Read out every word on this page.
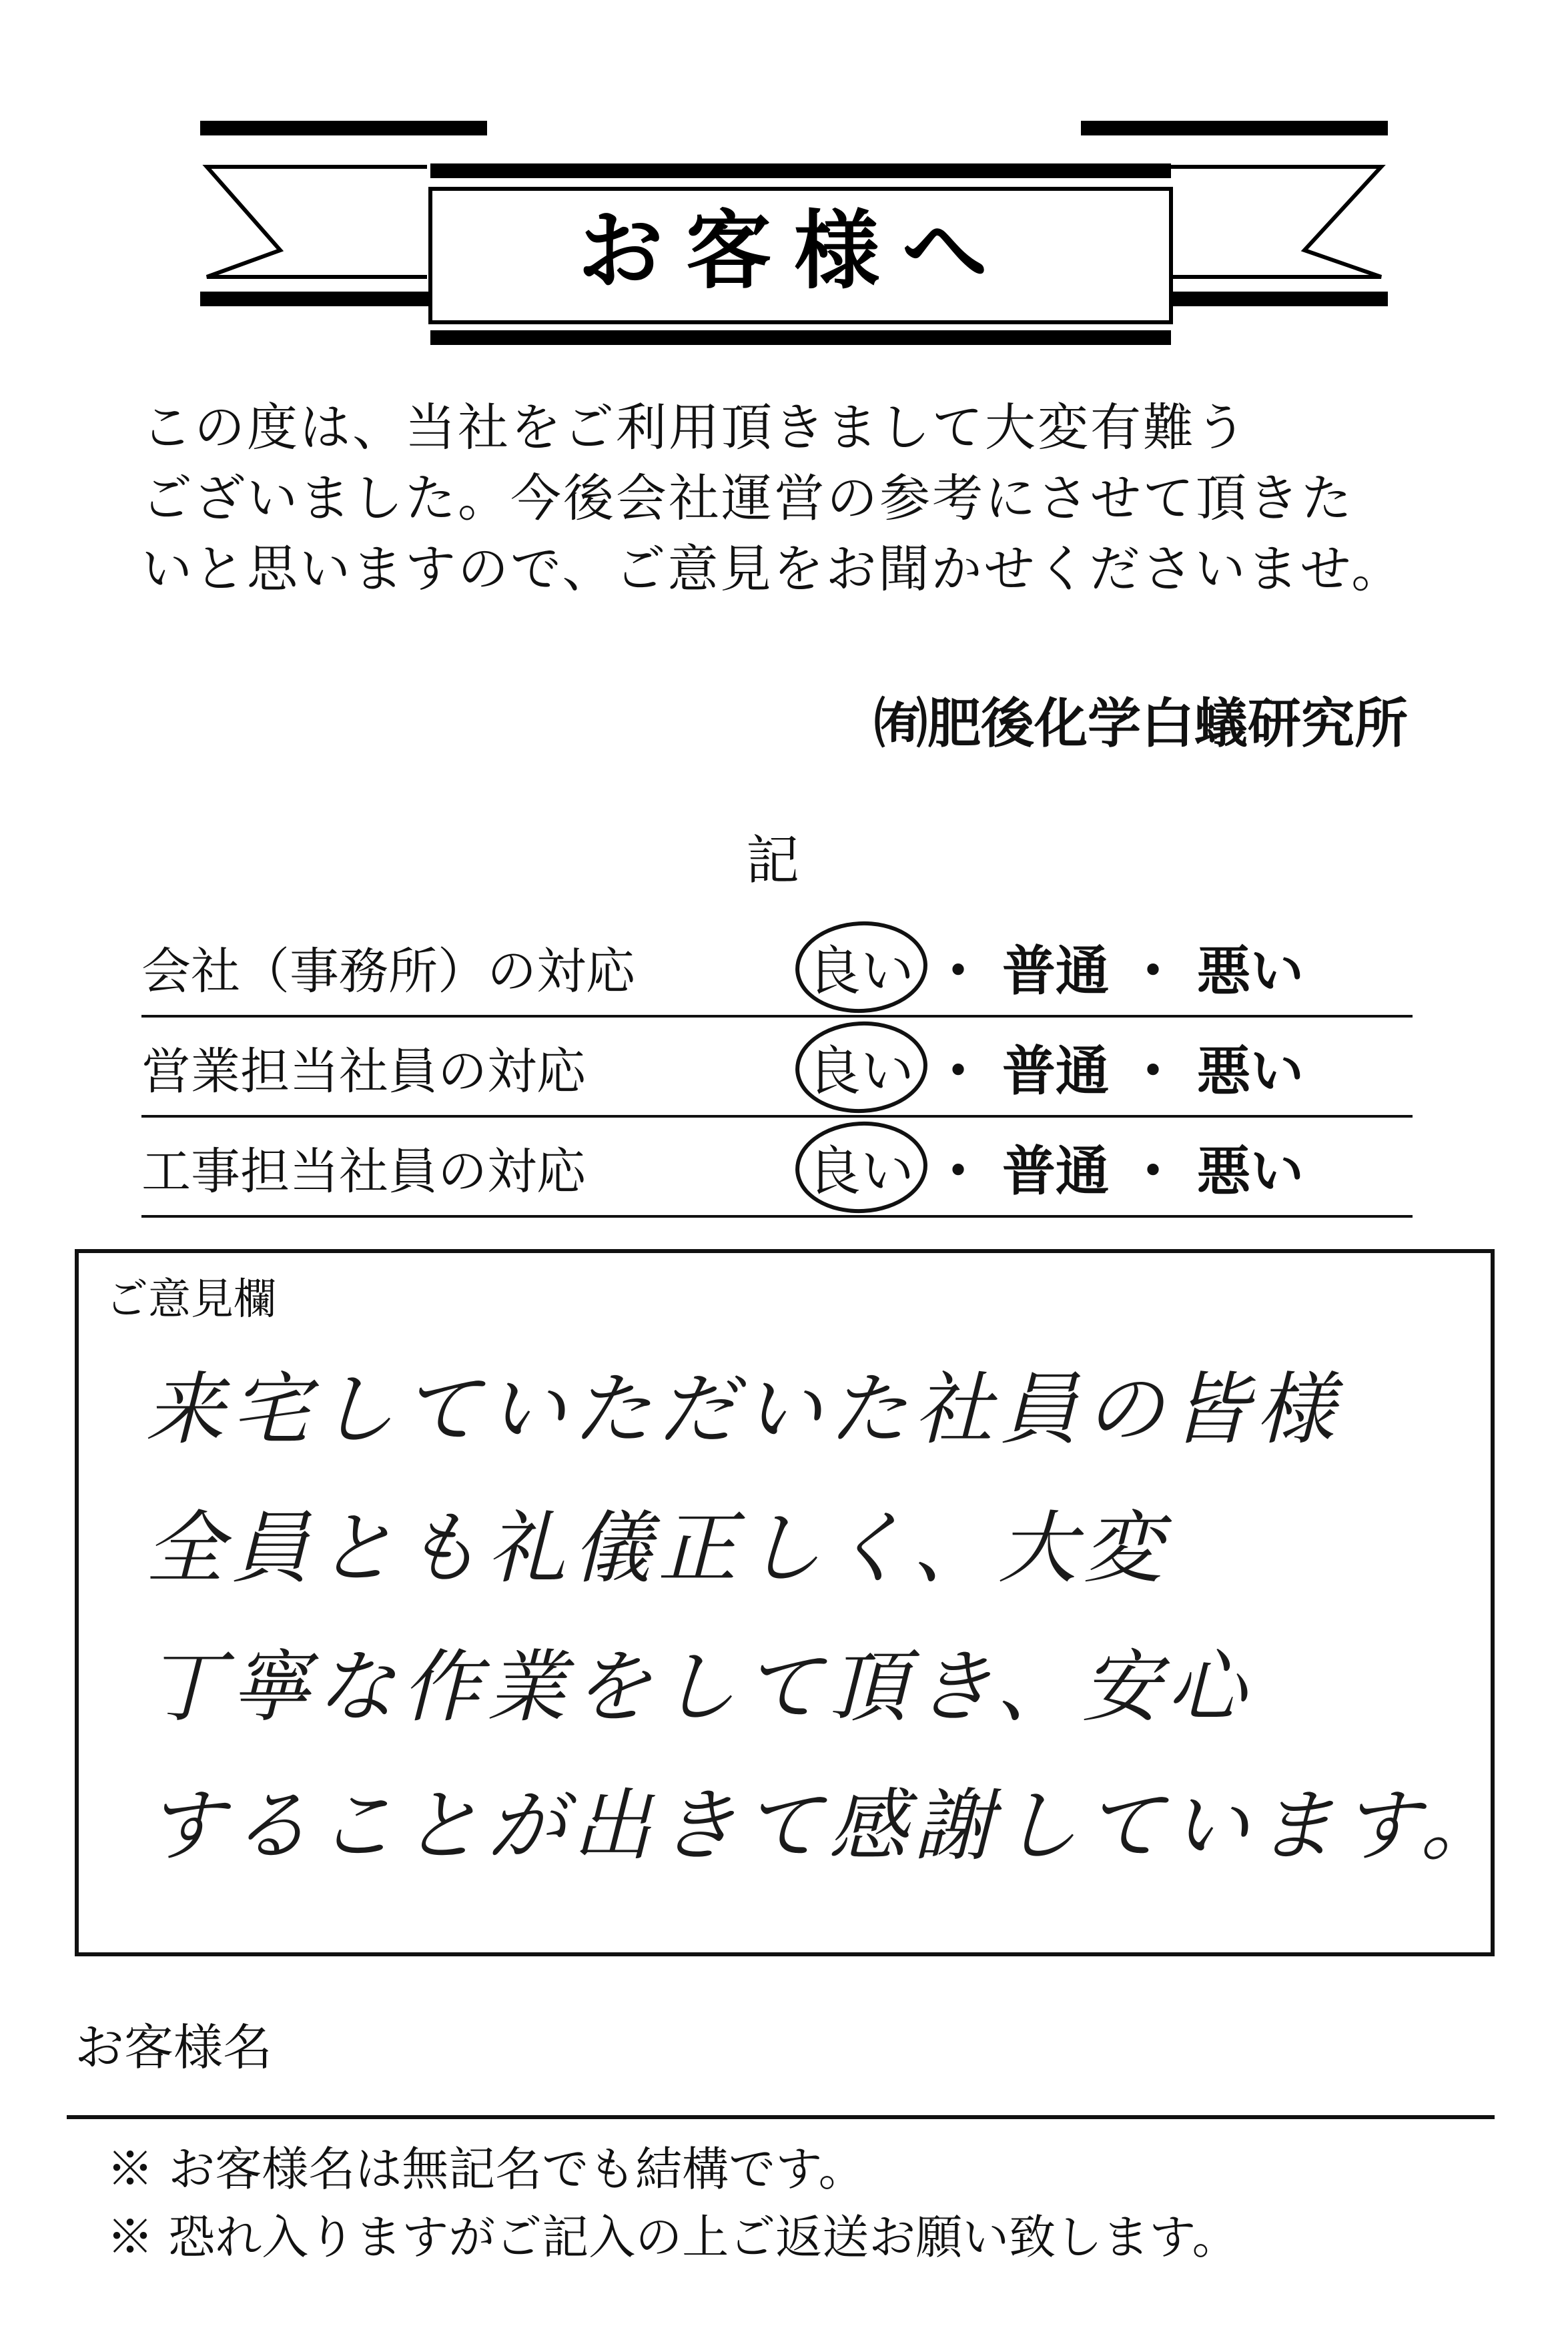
お客様へ
この度は、当社をご利用頂きまして大変有難う
ございました。今後会社運営の参考にさせて頂きた
いと思いますので、ご意見をお聞かせくださいませ。
㈲肥後化学白蟻研究所
記
会社（事務所）の対応	良い ・ 普通 ・ 悪い
営業担当社員の対応	良い ・ 普通 ・ 悪い
工事担当社員の対応	良い ・ 普通 ・ 悪い
ご意見欄
来宅していただいた社員の皆様
全員とも礼儀正しく、大変
丁寧な作業をして頂き、安心
することが出きて感謝しています。
お客様名
※ お客様名は無記名でも結構です。
※ 恐れ入りますがご記入の上ご返送お願い致します。
